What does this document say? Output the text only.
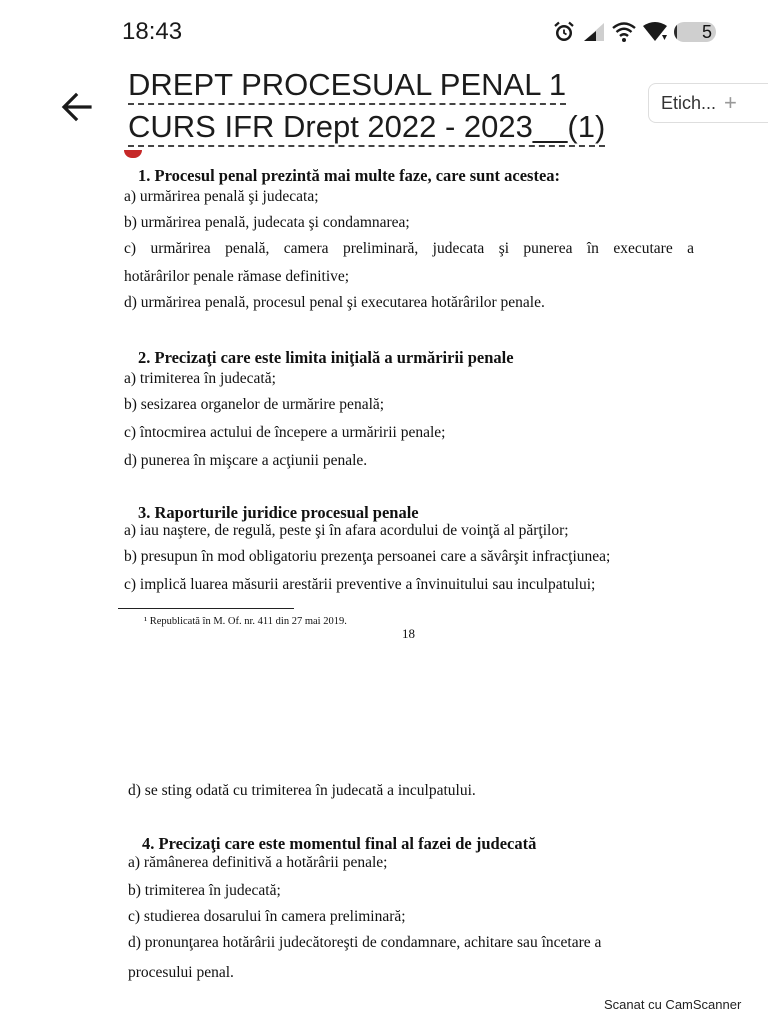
18:43	5
DREPT PROCESUAL PENAL 1
CURS IFR Drept 2022 - 2023__(1)
Etich... +
1. Procesul penal prezintă mai multe faze, care sunt acestea:
a) urmărirea penală şi judecata;
b) urmărirea penală, judecata şi condamnarea;
c) urmărirea penală, camera preliminară, judecata şi punerea în executare a
hotărârilor penale rămase definitive;
d) urmărirea penală, procesul penal şi executarea hotărârilor penale.
2. Precizaţi care este limita iniţială a urmăririi penale
a) trimiterea în judecată;
b) sesizarea organelor de urmărire penală;
c) întocmirea actului de începere a urmăririi penale;
d) punerea în mişcare a acţiunii penale.
3. Raporturile juridice procesual penale
a) iau naştere, de regulă, peste şi în afara acordului de voinţă al părţilor;
b) presupun în mod obligatoriu prezenţa persoanei care a săvârşit infracţiunea;
c) implică luarea măsurii arestării preventive a învinuitului sau inculpatului;
¹ Republicată în M. Of. nr. 411 din 27 mai 2019.
18
d) se sting odată cu trimiterea în judecată a inculpatului.
4. Precizaţi care este momentul final al fazei de judecată
a) rămânerea definitivă a hotărârii penale;
b) trimiterea în judecată;
c) studierea dosarului în camera preliminară;
d) pronunţarea hotărârii judecătoreşti de condamnare, achitare sau încetare a
procesului penal.
Scanat cu CamScanner
